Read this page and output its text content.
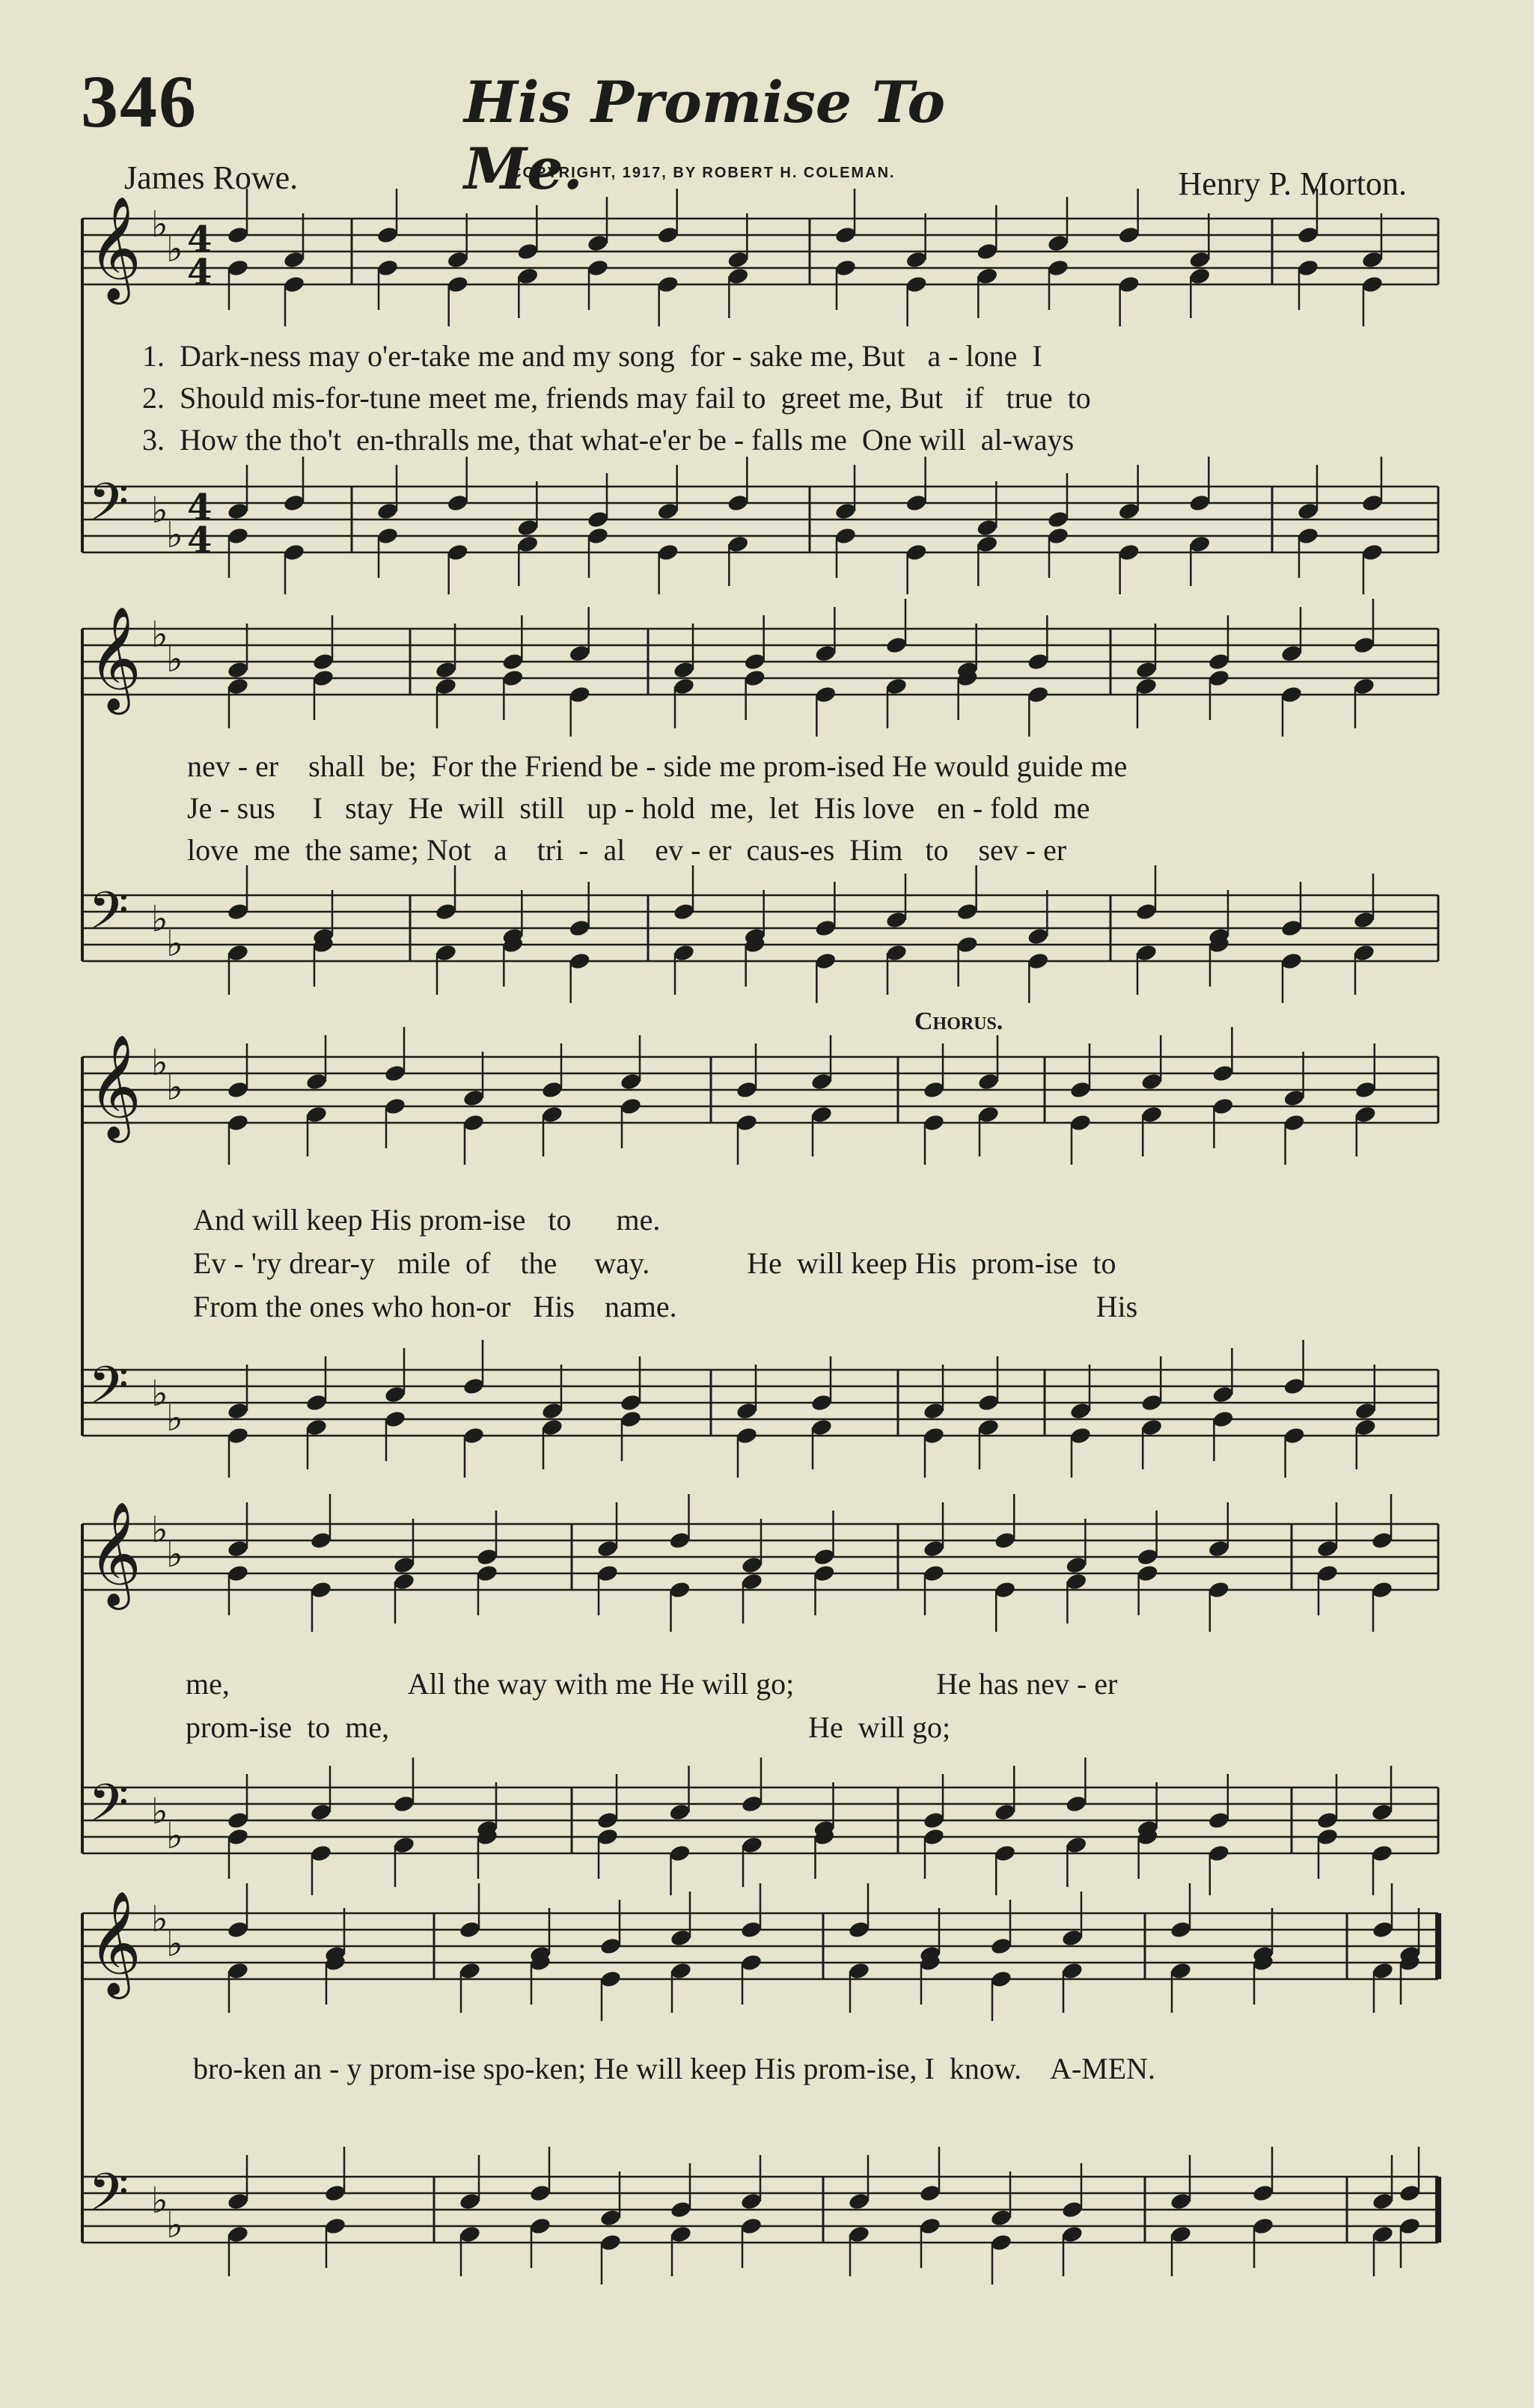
346	His Promise To Me.
James Rowe.	COPYRIGHT, 1917, BY ROBERT H. COLEMAN.	Henry P. Morton.
𝄞 ♭
♭
𝄢 ♭
♭
4
4
4
4
𝄞 ♭
♭
𝄢 ♭
♭
𝄞 ♭
♭
𝄢 ♭
♭
𝄞 ♭
♭
𝄢 ♭
♭
𝄞 ♭
♭
𝄢 ♭
♭
1.  Dark-ness may o'er-take me and my song  for - sake me, But   a - lone  I
2.  Should mis-for-tune meet me, friends may fail to  greet me, But   if   true  to
3.  How the tho't  en-thralls me, that what-e'er be - falls me  One will  al-ways
nev - er    shall  be;  For the Friend be - side me prom-ised He would guide me
Je - sus     I   stay  He  will  still   up - hold  me,  let  His love   en - fold  me
love  me  the same; Not   a    tri  -  al    ev - er  caus-es  Him   to    sev - er
Chorus.
And will keep His prom-ise   to      me.
Ev - 'ry drear-y   mile  of    the     way.             He  will keep His  prom-ise  to
From the ones who hon-or   His    name.                                                        His
me,                        All the way with me He will go;                   He has nev - er
prom-ise  to  me,                                                        He  will go;
bro-ken an - y prom-ise spo-ken; He will keep His prom-ise, I  know.    A-MEN.
